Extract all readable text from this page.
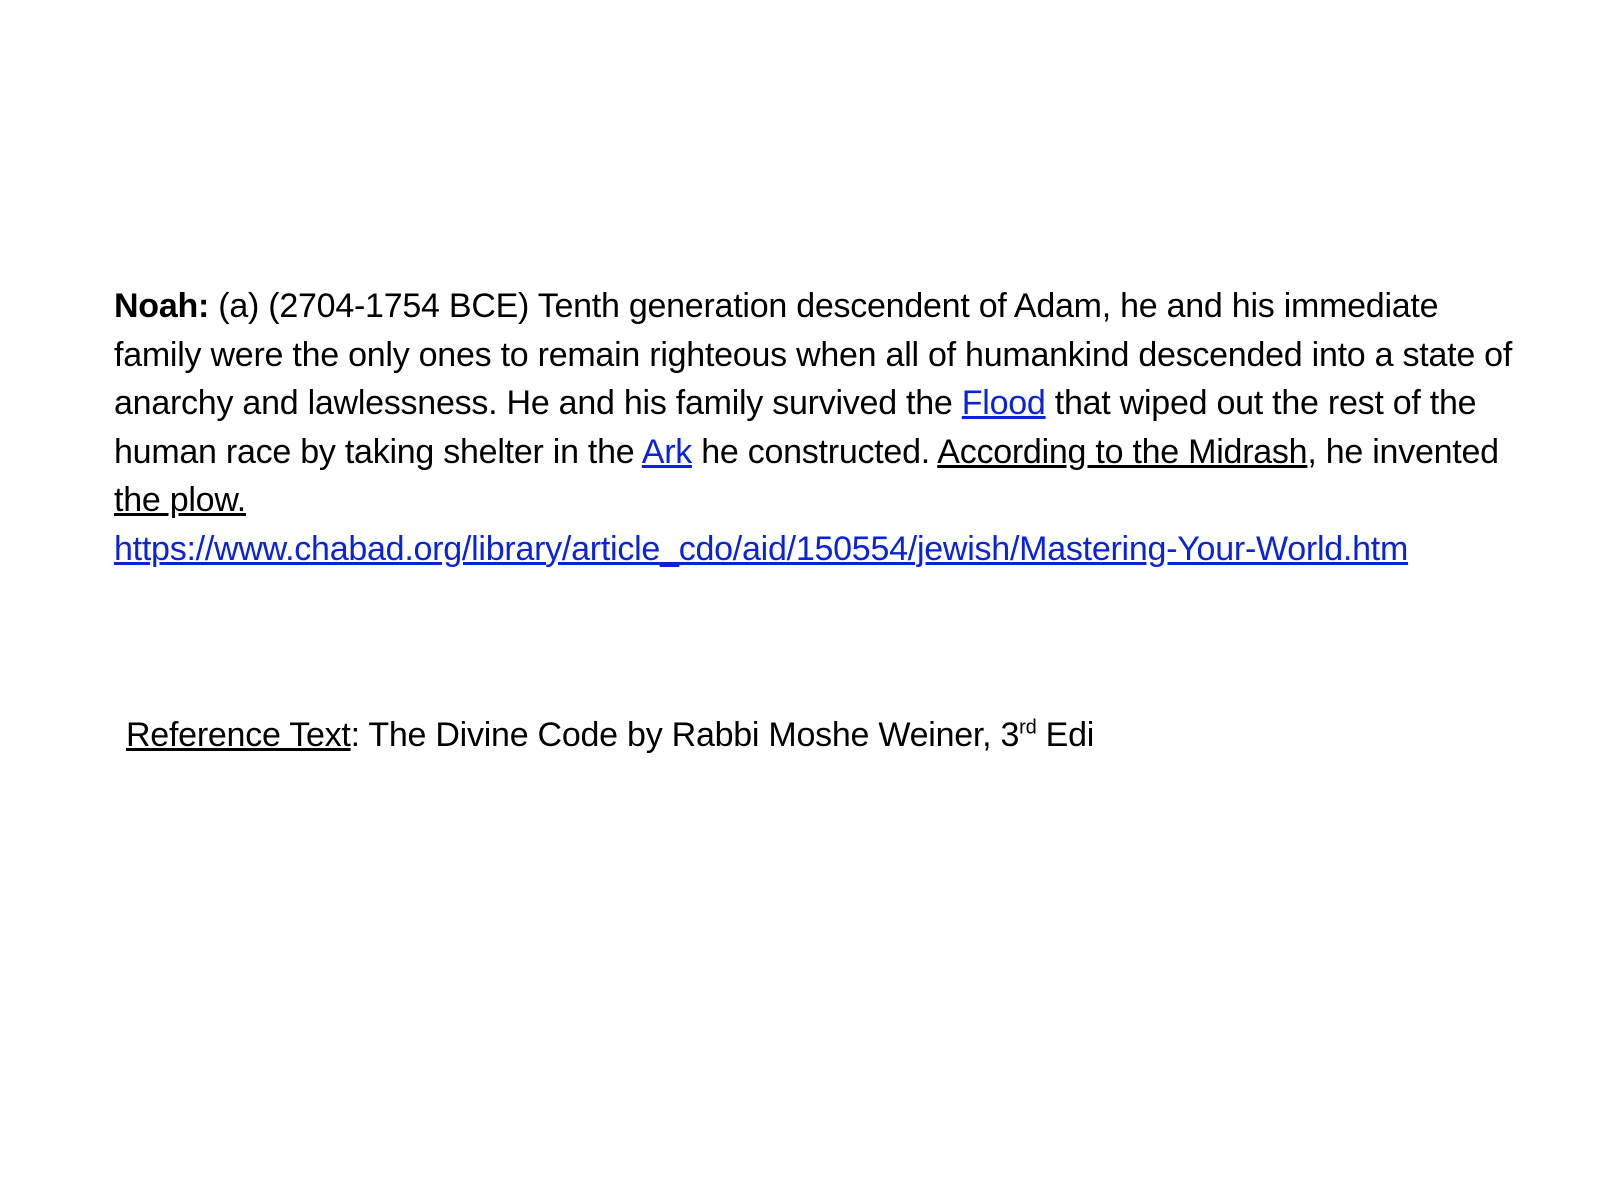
Noah: (a) (2704-1754 BCE) Tenth generation descendent of Adam, he and his immediate family were the only ones to remain righteous when all of humankind descended into a state of anarchy and lawlessness. He and his family survived the Flood that wiped out the rest of the human race by taking shelter in the Ark he constructed. According to the Midrash, he invented the plow.
https://www.chabad.org/library/article_cdo/aid/150554/jewish/Mastering-Your-World.htm
Reference Text: The Divine Code by Rabbi Moshe Weiner, 3rd Edi
